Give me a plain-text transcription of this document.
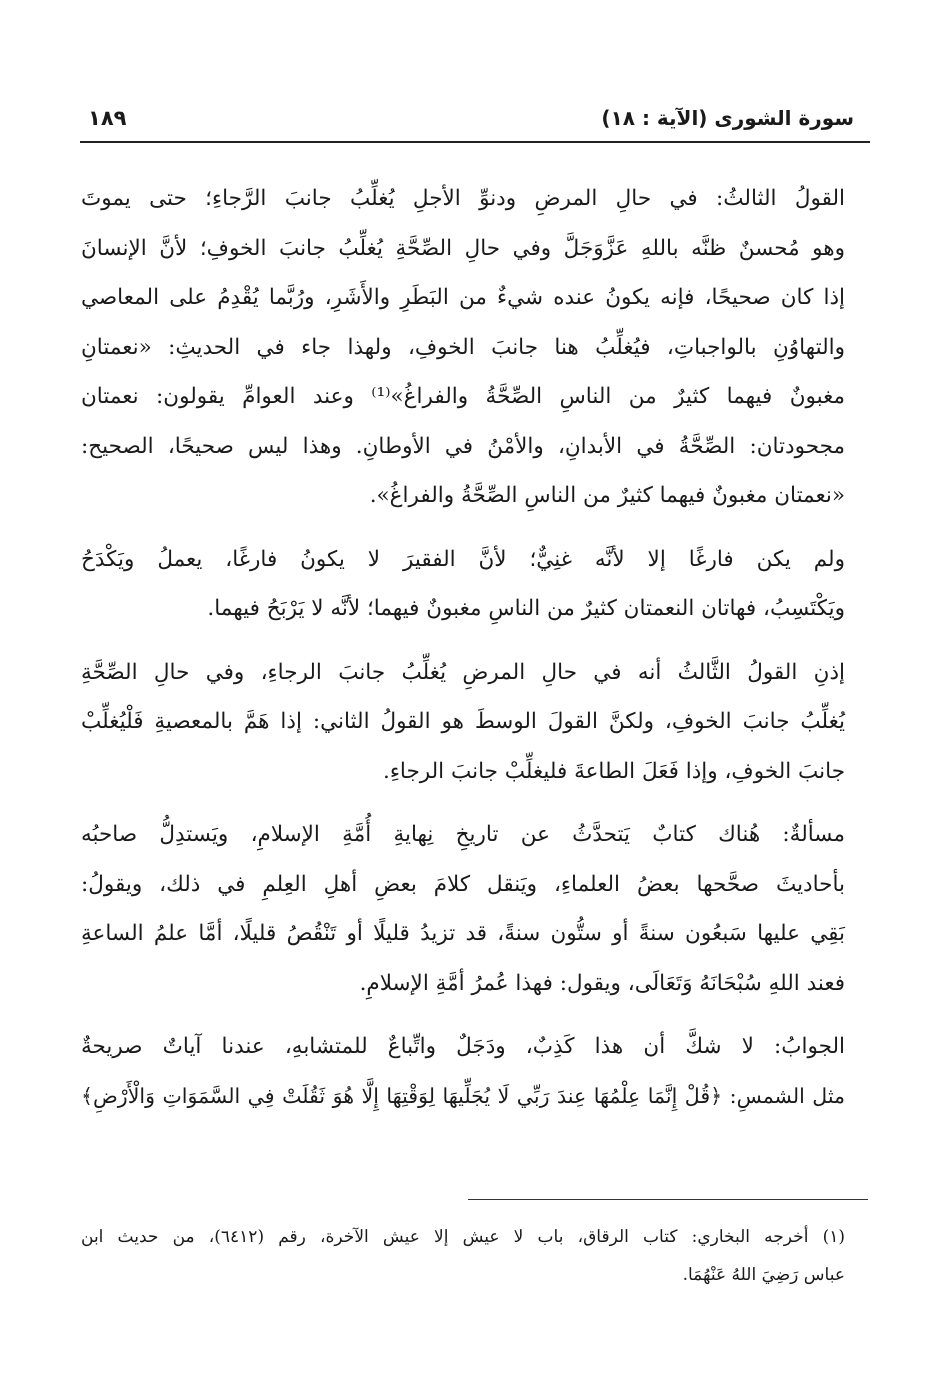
سورة الشورى (الآية : ١٨)
١٨٩

القولُ الثالثُ: في حالِ المرضِ ودنوِّ الأجلِ يُغلِّبُ جانبَ الرَّجاءِ؛ حتى يموتَ
وهو مُحسنٌ ظنَّه باللهِ عَزَّوَجَلَّ وفي حالِ الصِّحَّةِ يُغلِّبُ جانبَ الخوفِ؛ لأنَّ الإنسانَ
إذا كان صحيحًا، فإنه يكونُ عنده شيءٌ من البَطَرِ والأَشَرِ، ورُبَّما يُقْدِمُ على المعاصي
والتهاوُنِ بالواجباتِ، فيُغلِّبُ هنا جانبَ الخوفِ، ولهذا جاء في الحديثِ: «نعمتانِ
مغبونٌ فيهما كثيرٌ من الناسِ الصِّحَّةُ والفراغُ»⁽¹⁾ وعند العوامِّ يقولون: نعمتان
مجحودتان: الصِّحَّةُ في الأبدانِ، والأمْنُ في الأوطانِ. وهذا ليس صحيحًا، الصحيح:
«نعمتان مغبونٌ فيهما كثيرٌ من الناسِ الصِّحَّةُ والفراغُ».

ولم يكن فارغًا إلا لأنَّه غنِيٌّ؛ لأنَّ الفقيرَ لا يكونُ فارغًا، يعملُ ويَكْدَحُ
ويَكْتَسِبُ، فهاتان النعمتان كثيرٌ من الناسِ مغبونٌ فيهما؛ لأنَّه لا يَرْبَحُ فيهما.

إذنِ القولُ الثَّالثُ أنه في حالِ المرضِ يُغلِّبُ جانبَ الرجاءِ، وفي حالِ الصِّحَّةِ
يُغلِّبُ جانبَ الخوفِ، ولكنَّ القولَ الوسطَ هو القولُ الثاني: إذا هَمَّ بالمعصيةِ فَلْيُغلِّبْ
جانبَ الخوفِ، وإذا فَعَلَ الطاعةَ فليغلِّبْ جانبَ الرجاءِ.

مسألةٌ: هُناك كتابٌ يَتحدَّثُ عن تاريخِ نِهايةِ أُمَّةِ الإسلامِ، ويَستدِلُّ صاحبُه
بأحاديثَ صحَّحها بعضُ العلماءِ، ويَنقل كلامَ بعضِ أهلِ العِلمِ في ذلك، ويقولُ:
بَقِي عليها سَبعُون سنةً أو ستُّون سنةً، قد تزيدُ قليلًا أو تَنْقُصُ قليلًا، أمَّا علمُ الساعةِ
فعند اللهِ سُبْحَانَهُ وَتَعَالَى، ويقول: فهذا عُمرُ أمَّةِ الإسلامِ.

الجوابُ: لا شكَّ أن هذا كَذِبٌ، ودَجَلٌ واتِّباعٌ للمتشابهِ، عندنا آياتٌ صريحةٌ
مثل الشمسِ: ﴿قُلْ إِنَّمَا عِلْمُهَا عِندَ رَبِّي لَا يُجَلِّيهَا لِوَقْتِهَا إِلَّا هُوَ ثَقُلَتْ فِي السَّمَوَاتِ وَالْأَرْضِ﴾

(١) أخرجه البخاري: كتاب الرقاق، باب لا عيش إلا عيش الآخرة، رقم (٦٤١٢)، من حديث ابن
عباس رَضِيَ اللهُ عَنْهُمَا.
